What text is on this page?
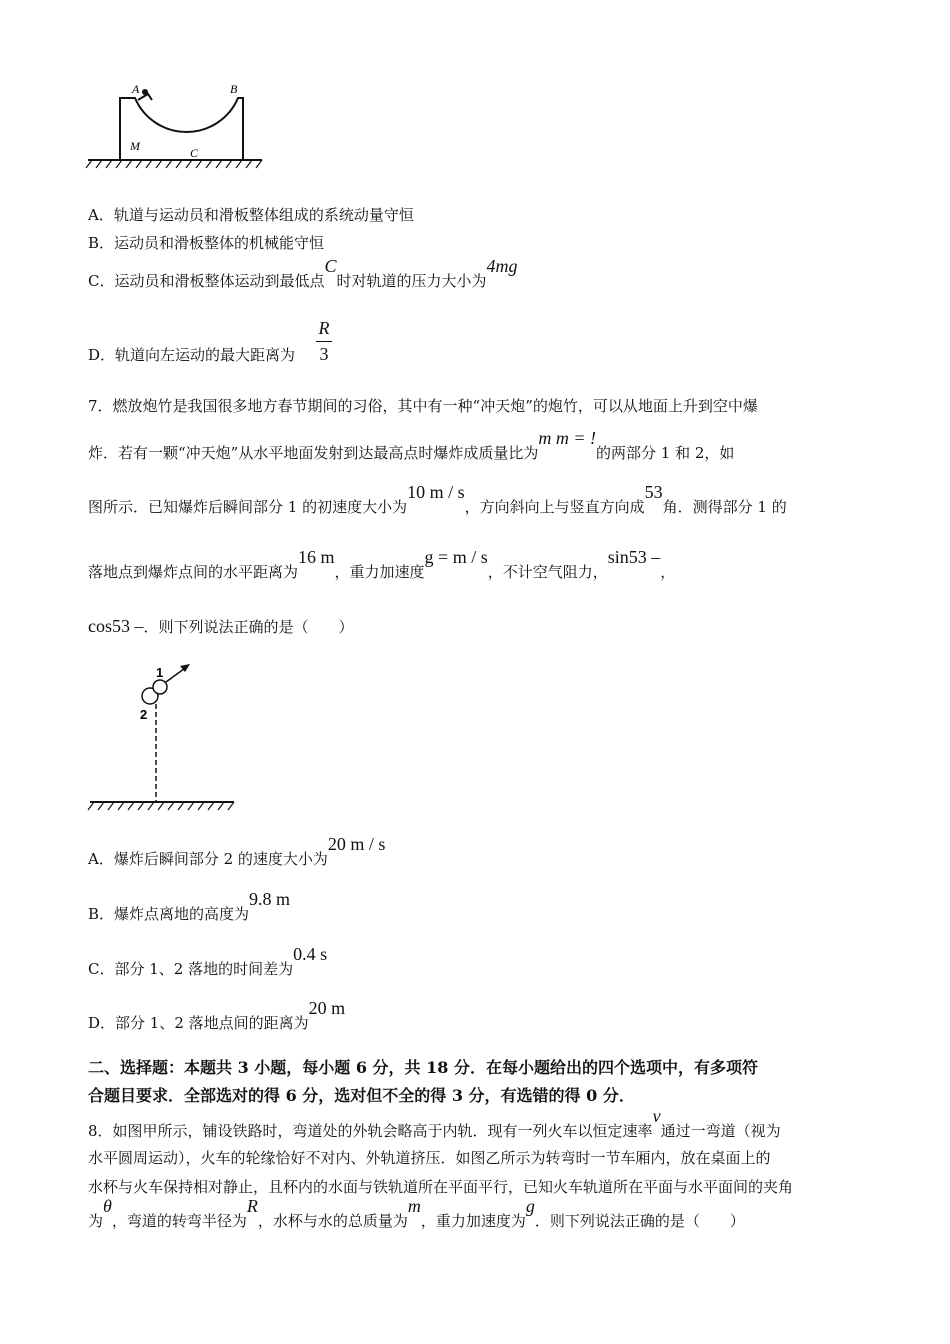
A	B
M	C
A．轨道与运动员和滑板整体组成的系统动量守恒
B．运动员和滑板整体的机械能守恒
C．运动员和滑板整体运动到最低点C时对轨道的压力大小为4mg
D．轨道向左运动的最大距离为
R
3
7．燃放炮竹是我国很多地方春节期间的习俗，其中有一种“冲天炮”的炮竹，可以从地面上升到空中爆
炸．若有一颗“冲天炮”从水平地面发射到达最高点时爆炸成质量比为m m = !的两部分 1 和 2，如
图所示．已知爆炸后瞬间部分 1 的初速度大小为10 m / s，方向斜向上与竖直方向成53角．测得部分 1 的
落地点到爆炸点间的水平距离为16 m，重力加速度g = m / s，不计空气阻力，sin53 –，
cos53 –．则下列说法正确的是（　　）
1
2
A．爆炸后瞬间部分 2 的速度大小为20 m / s
B．爆炸点离地的高度为9.8 m
C．部分 1、2 落地的时间差为0.4 s
D．部分 1、2 落地点间的距离为20 m
二、选择题：本题共 3 小题，每小题 6 分，共 18 分．在每小题给出的四个选项中，有多项符
合题目要求．全部选对的得 6 分，选对但不全的得 3 分，有选错的得 0 分．
8．如图甲所示，铺设铁路时，弯道处的外轨会略高于内轨．现有一列火车以恒定速率v通过一弯道（视为
水平圆周运动），火车的轮缘恰好不对内、外轨道挤压．如图乙所示为转弯时一节车厢内，放在桌面上的
水杯与火车保持相对静止，且杯内的水面与铁轨道所在平面平行，已知火车轨道所在平面与水平面间的夹角
为θ，弯道的转弯半径为R，水杯与水的总质量为m，重力加速度为g．则下列说法正确的是（　　）
